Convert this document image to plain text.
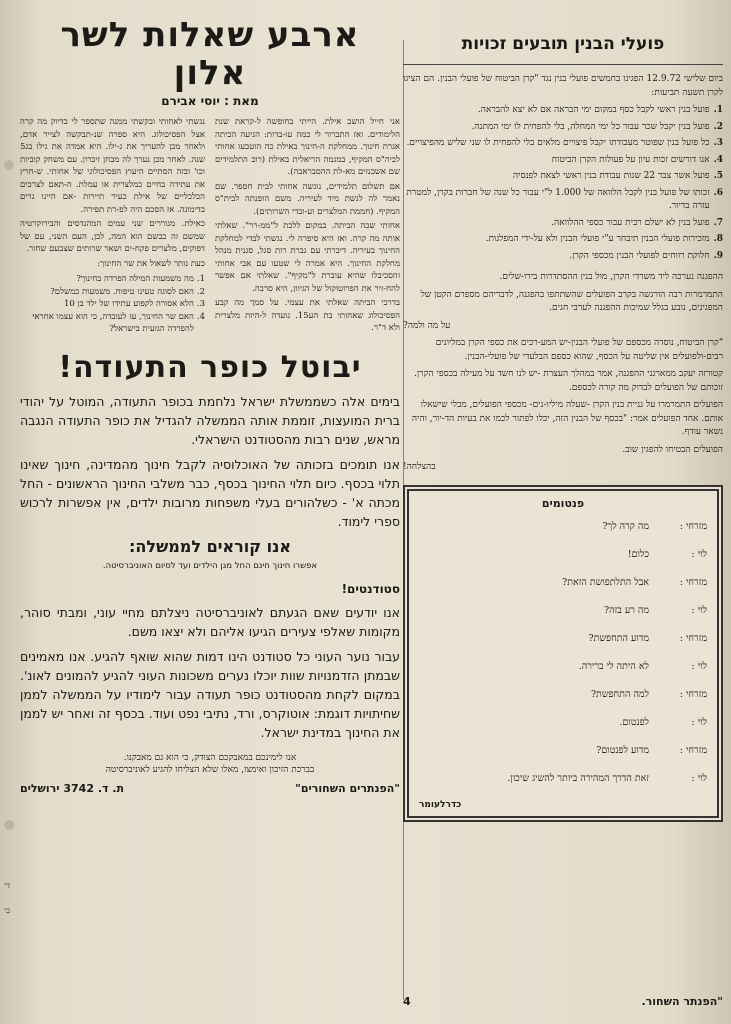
די
בי
פועלי הבנין תובעים זכויות

ביום שלישי 12.9.72 הפגינו בחמשים פועלי בנין נגד "קרן הביטוח של פועלי הבנין. הם הציגו לקרן תשעה תביעות:

1.
פועל בנין ראשי לקבל כסף במקום ימי הבראה אם לא יצא להבראה.
2.
פועל בנין יקבל שכר עבור כל ימי המחלה, בלי להפחית לו ימי המתנה.
3.
כל פועל בנין שפוטר מעבודתו יקבל פיצויים מלאים בלי להפחית לו שני שליש מהפיצויים.
4.
אנו דורשים זכות עיון על פעולות הקרן הביטוח
5.
פועל אשר צבר 22 שנות עבודת בנין ראשי לצאת לפנסיה
6.
זכותו של פועל בנין לקבל הלוואה של 1.000 ל"י עבור כל שנה של חברות בקרן, למטרת עזרה בדיור.
7.
פועל בנין לא ישלם רבית עבור כספי ההלוואה.
8.
מזכירות פועלי הבנין תיבחר ע"י פועלי הבנין ולא על-ידי המפלגות.
9.
חלוקת רווחים לפועלי הבנין מכספי הקרן.

ההפגנה נערכה ליד משרדי הקרן, מול בנין ההסתדרות בירו-שלים.

התמרמרות רבה הורגשה בקרב הפועלים שהשתתפו בהפגנה, לדבריהם מספרם הקטן של המפגינים, נובע בגלל שמיכות ההפגנה לערבי חגים.

על מה ולמה?

"קרן הביטוח, נוסדה מכספם של פועלי הבנין-יש המע-רכים את כספי הקרן במליונים רבים-ולפועלים אין שליטה על הכסף, שהוא כספם הבלעדי של פועלי-הבנין.

קטורזה יעקב ממארגני ההפגנה, אמר במהלך העצרת -יש לנו חשד על מעילה בכספי הקרן. זוכותם של הפועלים לבדוק מה קורה לכספם.

הפועלים התמרמרו על גניית בנין הקרן -שעלה מיליו-נים- מכספי הפועלים, מבלי שישאלו אותם. אחד הפועלים אמר: "בכסף של הבנין הזה, יכלו לפתור לכמו את בעיות הד-יור, והיה נשאר עודף.

הפועלים הבטיחו להפגין שוב.

בהצלחה!

פנטומים
מזרחי :
מה קרה לך?
לוי :
כלום!
מזרחי :
אבל התלתפושת הזאת?
לוי :
מה רע בזה?
מזרחי :
מדוע התחפשת?
לוי :
לא היתה לי ברירה.
מזרחי :
למה התחפשת?
לוי :
לפנטום.
מזרחי :
מדוע לפנטום?
לוי :
זאת הדרך המהירה ביותר להשיג שיכון.
כדרלעומר
"הפנתר השחור.
4
ארבע שאלות לשר אלון
מאת : יוסי אבירם

אני חייל הושב אילת. הייתי בחופשה ל-קראת שנת הלימודים. ואז התברור לי כמה עו-בדות: הגיעה הביתה אגרת חינוך. ממחלקת ה-חינוך באילת כה הוטבעו אחותי לביה"ס המקיף, במגמה הריאלית באילת (רוב התלמידים שם אשכנזים מא-לת ההסבראבה).

אם תשלום תלמידים, נוגשה אחותי לבית חספר. שם נאמר לה לגשת מיד לעיריה. משם הופנתה לבית"ס המקיף. (חממת המלצרים וע-ובדי השרותים).

אחותי שבה הביתה. במקום ללכת ל"ממ-רר". שאלתי אותה מה קרה. ואז היא סיפרה לי. נגשתי לבדי למחלקת החינוך בעיריה. דיברתי עם גברת רות סגל, סגנית מנהל מחלקת החינוך. היא אמרה לי שטעו עם אבי אחותי והסכיבלו שהיא עוברת ל"מקיף". שאלתי אם אפשר להח-זיר את הפרוטוקול של הגיוון, היא סרבה.

בדרכי הביתה שאלתי את עצמי. על סמך מה קבע הפסיכולוג שאחותי בת הע15. נועדה ל-היות מלצרית ולא ד"ר.

נגשתי לאחותי ובקשתי ממנה שתספר לי בדיוק מה קרה אצל הפסיכולוג. היא ספרה שנ-תבקשה לצייר אדם, ולאחר מכן להעריך את ג-ילו. היא אמדה את גילו בג5 שנה. לאחר מכן נערך לה מבחן זיכרון. עם משחק קוביות וכו' ובזה הסתיים היעוץ הפסיכולוגי של אחותי. ש-חרץ את עתידה בחיים כמלצרית או עמלת. ה-תאם לצרכים הכלכליים של אילת כעיר תיירות -אם היינו גרים בדימונה. אז הסכם היה לפ-רת תפירה.

כאילת. מגוררים שני עמים המהנדסים והבירוקרטיה שמשם זה כבשם הוא המה, לבן, העם השני, עם של דפוקים, מלצרים פקח-ים ושאר שרותים שצבעם שחור.

כעת נותר לשאול את שר החינוך:

1.
מה משמעות המילה הפרדה בחינוך?
2.
האם לסוגה טעינו טיפוח. משמעות כמשלם?
3.
הלא אסורה לקפוע עתידו של ילד בן 10
4.
האם שר החינוך, עז לעובדה, כי הוא עצמו אחראי להפרדה הגזעית בישראל?
יבוטל כופר התעודה!

בימים אלה כשממשלת ישראל נלחמת בכופר התעודה, המוטל על יהודי ברית המועצות, זוממת אותה הממשלה להגדיל את כופר התעודה הנגבה מראש, שנים רבות מהסטודנט הישראלי.

אנו תומכים בזכותה של האוכלוסיה לקבל חינוך מהמדינה, חינוך שאינו תלוי בכסף. כיום תלוי החינוך בכסף, כבר משלבי החינוך הראשונים - החל מכתה א' - כשלהורים בעלי משפחות מרובות ילדים, אין אפשרות לרכוש ספרי לימוד.

אנו קוראים לממשלה:

אפשרו חינוך חינם החל מגן הילדים ועד לסיום האוניברסיטה.

סטודנטים!

אנו יודעים שאם הגעתם לאוניברסיטה ניצלתם מחיי עוני, ומבתי סוהר, מקומות שאלפי צעירים הגיעו אליהם ולא יצאו משם.

עבור נוער העוני כל סטודנט הינו דמות שהוא שואף להגיע. אנו מאמינים שבמתן הזדמנויות שוות יוכלו נערים משכונות העוני להגיע להמונים לאונ'. במקום לקחת מהסטודנט כופר תעודה עבור לימודיו על הממשלה לממן שחיתויות דוגמת: אוטוקרס, ורד, נתיבי נפט ועוד. בכסף זה ואחר יש לממן את החינוך במדינת ישראל.

אנו לימינכם במאבקכם הצודק, כי הוא גם מאבקנו.
בברכת הזיכון ואימצו, מאלו שלא הצליחו להגיע לאוניברסיטה
"הפנתרים השחורים"
ת. ד. 3742 ירושלים
